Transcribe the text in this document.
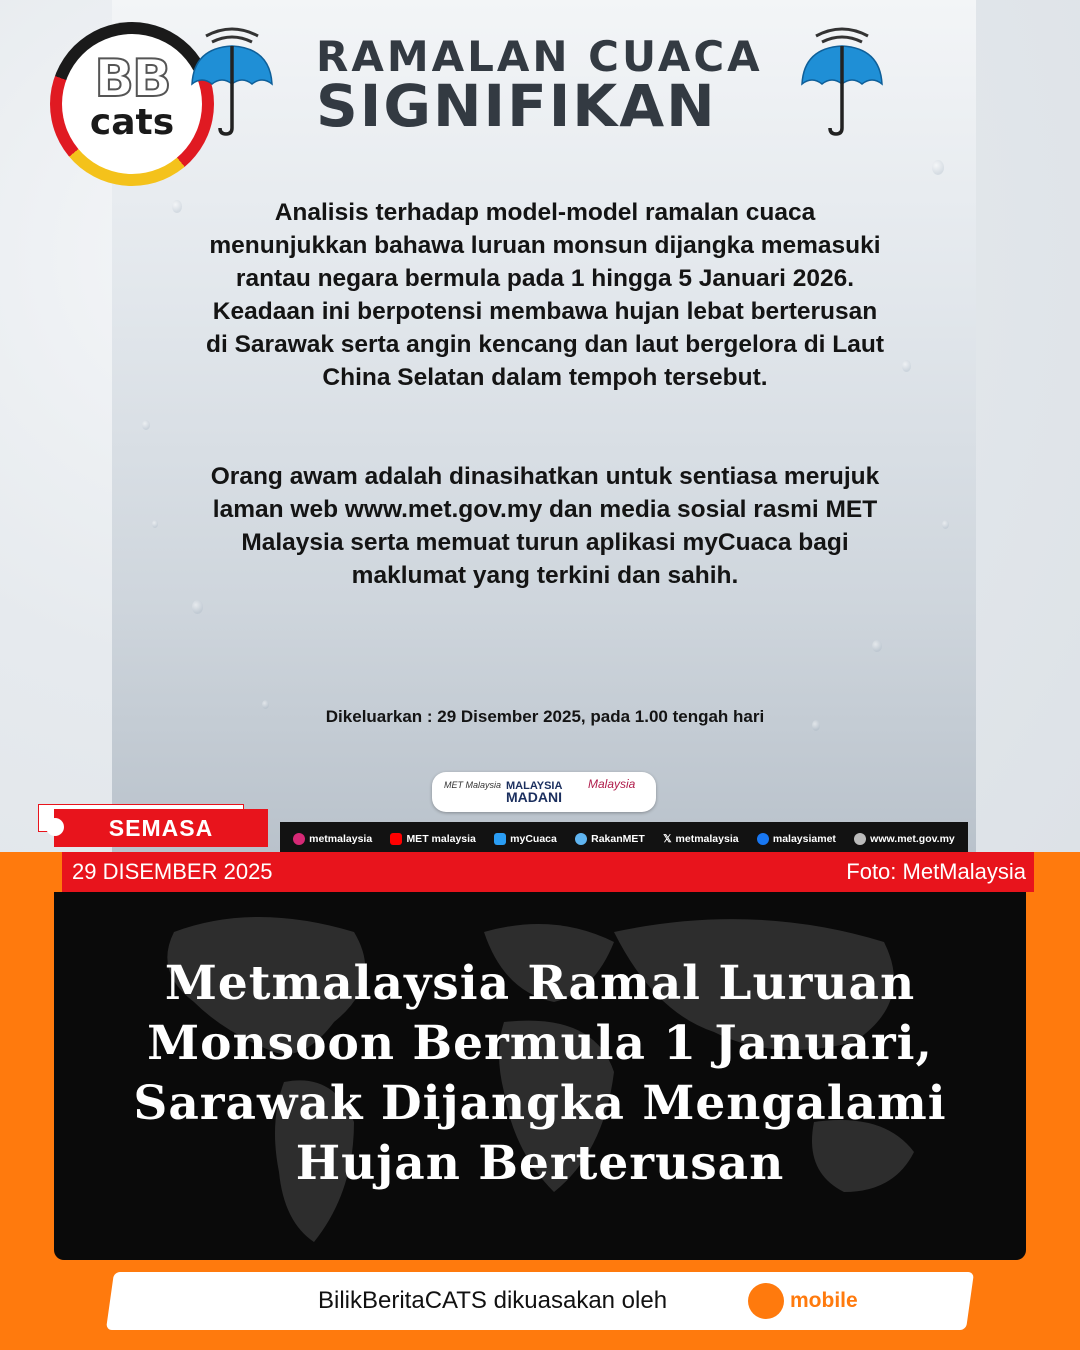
BB
cats
RAMALAN CUACA
SIGNIFIKAN
Analisis terhadap model-model ramalan cuaca menunjukkan bahawa luruan monsun dijangka memasuki rantau negara bermula pada 1 hingga 5 Januari 2026. Keadaan ini berpotensi membawa hujan lebat berterusan di Sarawak serta angin kencang dan laut bergelora di Laut China Selatan dalam tempoh tersebut.
Orang awam adalah dinasihatkan untuk sentiasa merujuk laman web www.met.gov.my dan media sosial rasmi MET Malaysia serta memuat turun aplikasi myCuaca bagi maklumat yang terkini dan sahih.
Dikeluarkan : 29 Disember 2025, pada 1.00 tengah hari
MET Malaysia MALAYSIA
MADANI
Malaysia
metmalaysia	MET malaysia	myCuaca	RakanMET 𝕏 metmalaysia	malaysiamet	www.met.gov.my
SEMASA
29 DISEMBER 2025	Foto: MetMalaysia
Metmalaysia Ramal Luruan Monsoon Bermula 1 Januari, Sarawak Dijangka Mengalami Hujan Berterusan
BilikBeritaCATS dikuasakan oleh	mobile
